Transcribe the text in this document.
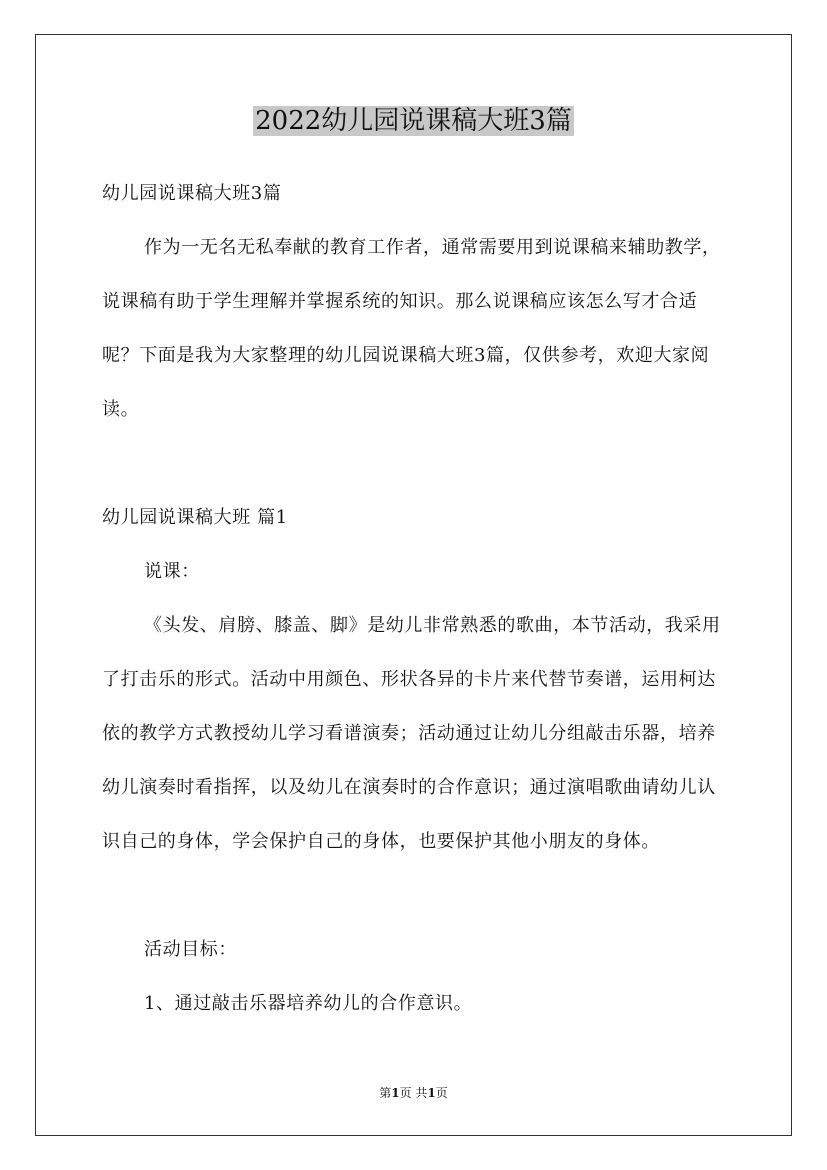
2022幼儿园说课稿大班3篇

幼儿园说课稿大班3篇

作为一无名无私奉献的教育工作者，通常需要用到说课稿来辅助教学，说课稿有助于学生理解并掌握系统的知识。那么说课稿应该怎么写才合适呢？下面是我为大家整理的幼儿园说课稿大班3篇，仅供参考，欢迎大家阅读。

幼儿园说课稿大班 篇1

说课：

《头发、肩膀、膝盖、脚》是幼儿非常熟悉的歌曲，本节活动，我采用了打击乐的形式。活动中用颜色、形状各异的卡片来代替节奏谱，运用柯达依的教学方式教授幼儿学习看谱演奏；活动通过让幼儿分组敲击乐器，培养幼儿演奏时看指挥，以及幼儿在演奏时的合作意识；通过演唱歌曲请幼儿认识自己的身体，学会保护自己的身体，也要保护其他小朋友的身体。

活动目标：

1、通过敲击乐器培养幼儿的合作意识。

第1页 共1页
